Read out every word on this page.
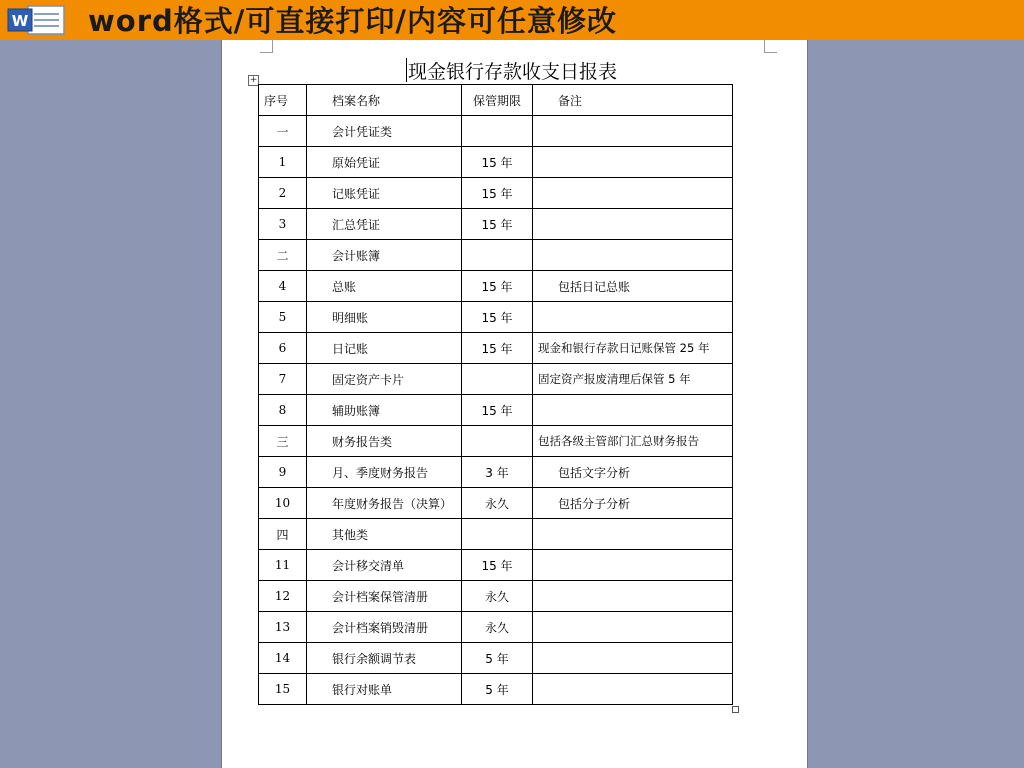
W word格式/可直接打印/内容可任意修改
现金银行存款收支日报表
+
序号	档案名称	保管期限	备注
一	会计凭证类		
1	原始凭证	15 年	
2	记账凭证	15 年	
3	汇总凭证	15 年	
二	会计账簿		
4	总账	15 年	包括日记总账
5	明细账	15 年	
6	日记账	15 年	现金和银行存款日记账保管 25 年
7	固定资产卡片		固定资产报废清理后保管 5 年
8	辅助账簿	15 年	
三	财务报告类		包括各级主管部门汇总财务报告
9	月、季度财务报告	3 年	包括文字分析
10	年度财务报告（决算）	永久	包括分子分析
四	其他类		
11	会计移交清单	15 年	
12	会计档案保管清册	永久	
13	会计档案销毁清册	永久	
14	银行余额调节表	5 年	
15	银行对账单	5 年	
